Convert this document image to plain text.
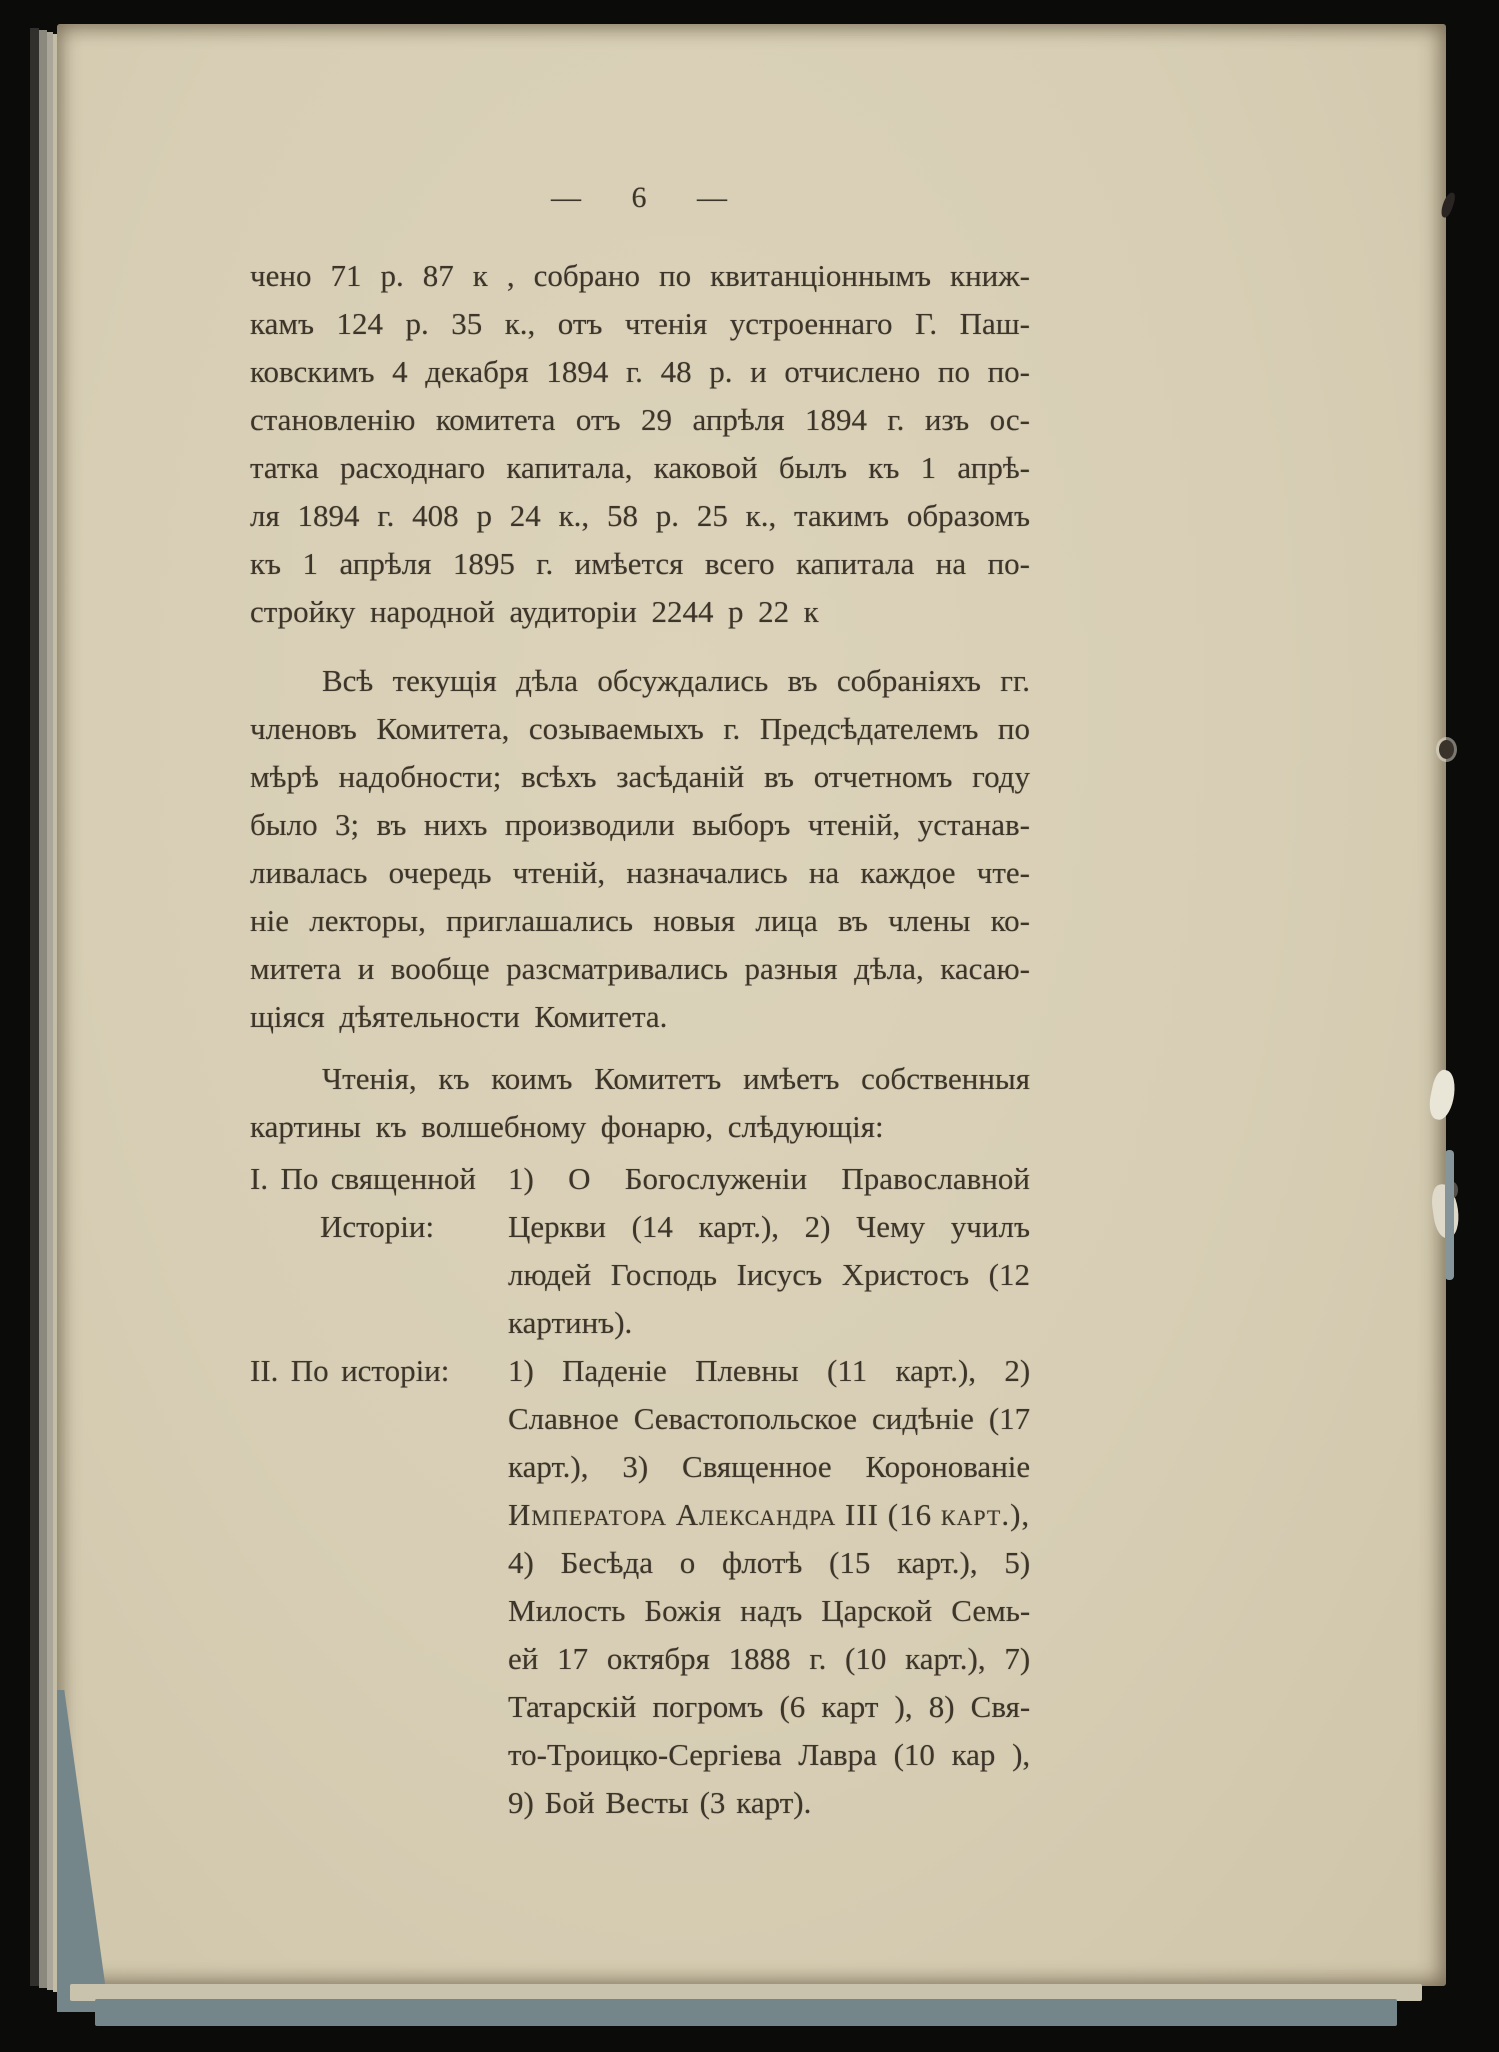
— 6 —
чено 71 р. 87 к , собрано по квитанціоннымъ книж-
камъ 124 р. 35 к., отъ чтенія устроеннаго Г. Паш-
ковскимъ 4 декабря 1894 г. 48 р. и отчислено по по-
становленію комитета отъ 29 апрѣля 1894 г. изъ ос-
татка расходнаго капитала, каковой былъ къ 1 апрѣ-
ля 1894 г. 408 р 24 к., 58 р. 25 к., такимъ образомъ
къ 1 апрѣля 1895 г. имѣется всего капитала на по-
стройку народной аудиторіи 2244 р 22 к
Всѣ текущія дѣла обсуждались въ собраніяхъ гг.
членовъ Комитета, созываемыхъ г. Предсѣдателемъ по
мѣрѣ надобности; всѣхъ засѣданій въ отчетномъ году
было 3; въ нихъ производили выборъ чтеній, устанав-
ливалась очередь чтеній, назначались на каждое чте-
ніе лекторы, приглашались новыя лица въ члены ко-
митета и вообще разсматривались разныя дѣла, касаю-
щіяся дѣятельности Комитета.
Чтенія, къ коимъ Комитетъ имѣетъ собственныя
картины къ волшебному фонарю, слѣдующія:
I. По священной
Исторіи:
1) О Богослуженіи Православной
Церкви (14 карт.), 2) Чему училъ
людей Господь Іисусъ Христосъ (12
картинъ).
II. По исторіи:	1) Паденіе Плевны (11 карт.), 2)
Славное Севастопольское сидѣніе (17
карт.), 3) Священное Коронованіе
Императора Александра III (16 карт.),
4) Бесѣда о флотѣ (15 карт.), 5)
Милость Божія надъ Царской Семь-
ей 17 октября 1888 г. (10 карт.), 7)
Татарскій погромъ (6 карт ), 8) Свя-
то-Троицко-Сергіева Лавра (10 кар ),
9) Бой Весты (3 карт).
